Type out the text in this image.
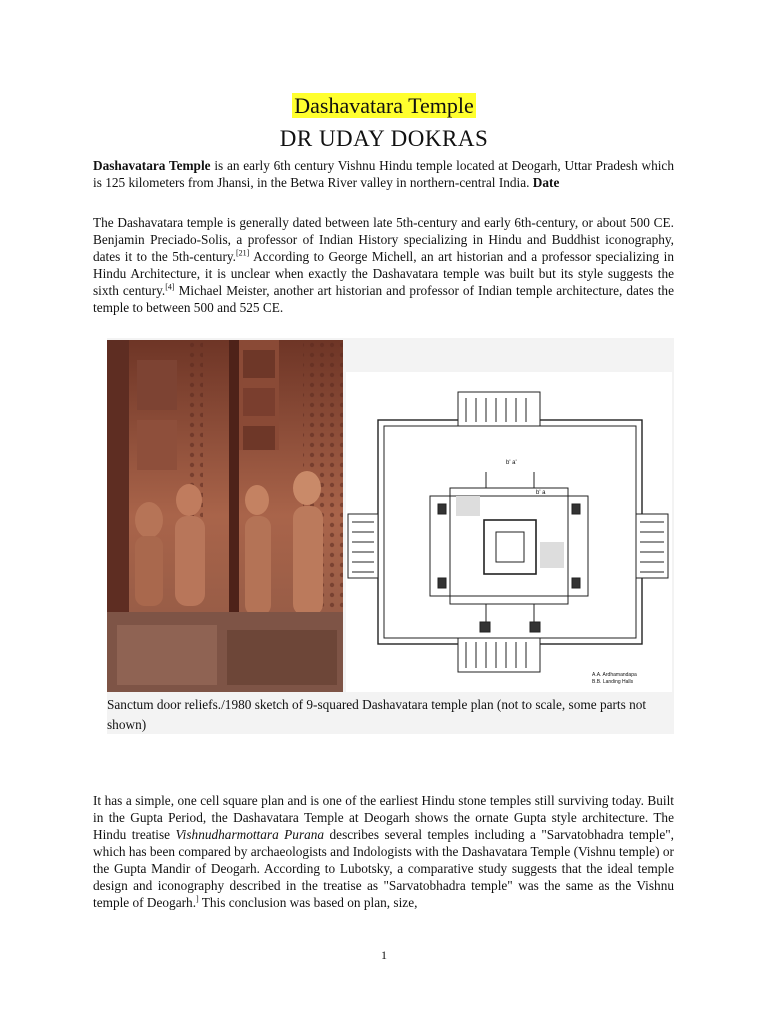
Dashavatara Temple
DR UDAY DOKRAS

Dashavatara Temple is an early 6th century Vishnu Hindu temple located at Deogarh, Uttar Pradesh which is 125 kilometers from Jhansi, in the Betwa River valley in northern-central India. Date

The Dashavatara temple is generally dated between late 5th-century and early 6th-century, or about 500 CE. Benjamin Preciado-Solis, a professor of Indian History specializing in Hindu and Buddhist iconography, dates it to the 5th-century.[21] According to George Michell, an art historian and a professor specializing in Hindu Architecture, it is unclear when exactly the Dashavatara temple was built but its style suggests the sixth century.[4] Michael Meister, another art historian and professor of Indian temple architecture, dates the temple to between 500 and 525 CE.

b' a'
b' a
A.A. Ardhamandapa
B.B. Landing Halls

Sanctum door reliefs./1980 sketch of 9-squared Dashavatara temple plan (not to scale, some parts not shown)

It has a simple, one cell square plan and is one of the earliest Hindu stone temples still surviving today. Built in the Gupta Period, the Dashavatara Temple at Deogarh shows the ornate Gupta style architecture. The Hindu treatise Vishnudharmottara Purana describes several temples including a "Sarvatobhadra temple", which has been compared by archaeologists and Indologists with the Dashavatara Temple (Vishnu temple) or the Gupta Mandir of Deogarh. According to Lubotsky, a comparative study suggests that the ideal temple design and iconography described in the treatise as "Sarvatobhadra temple" was the same as the Vishnu temple of Deogarh.] This conclusion was based on plan, size,

1
